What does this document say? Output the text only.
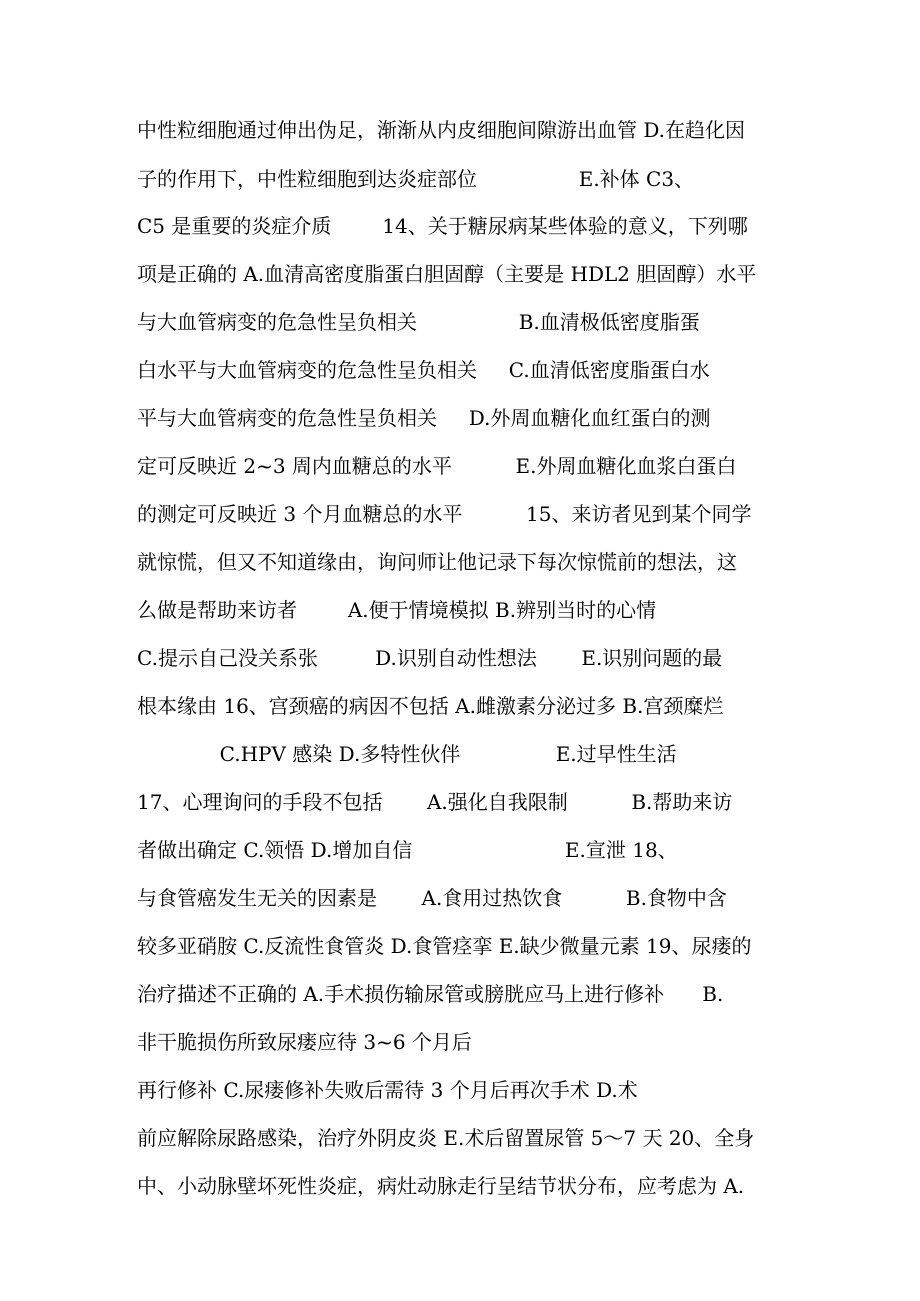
中性粒细胞通过伸出伪足，渐渐从内皮细胞间隙游出血管 D.在趋化因
子的作用下，中性粒细胞到达炎症部位                E.补体 C3、
C5 是重要的炎症介质        14、关于糖尿病某些体验的意义，下列哪
项是正确的 A.血清高密度脂蛋白胆固醇（主要是 HDL2 胆固醇）水平
与大血管病变的危急性呈负相关                B.血清极低密度脂蛋
白水平与大血管病变的危急性呈负相关     C.血清低密度脂蛋白水
平与大血管病变的危急性呈负相关     D.外周血糖化血红蛋白的测
定可反映近 2~3 周内血糖总的水平          E.外周血糖化血浆白蛋白
的测定可反映近 3 个月血糖总的水平          15、来访者见到某个同学
就惊慌，但又不知道缘由，询问师让他记录下每次惊慌前的想法，这
么做是帮助来访者        A.便于情境模拟 B.辨别当时的心情
C.提示自己没关系张         D.识别自动性想法       E.识别问题的最
根本缘由 16、宫颈癌的病因不包括 A.雌激素分泌过多 B.宫颈糜烂
C.HPV 感染 D.多特性伙伴               E.过早性生活
17、心理询问的手段不包括       A.强化自我限制          B.帮助来访
者做出确定 C.领悟 D.增加自信                        E.宣泄 18、
与食管癌发生无关的因素是       A.食用过热饮食          B.食物中含
较多亚硝胺 C.反流性食管炎 D.食管痉挛 E.缺少微量元素 19、尿瘘的
治疗描述不正确的 A.手术损伤输尿管或膀胱应马上进行修补      B.
非干脆损伤所致尿瘘应待 3~6 个月后
再行修补 C.尿瘘修补失败后需待 3 个月后再次手术 D.术
前应解除尿路感染，治疗外阴皮炎 E.术后留置尿管 5～7 天 20、全身
中、小动脉壁坏死性炎症，病灶动脉走行呈结节状分布，应考虑为 A.
